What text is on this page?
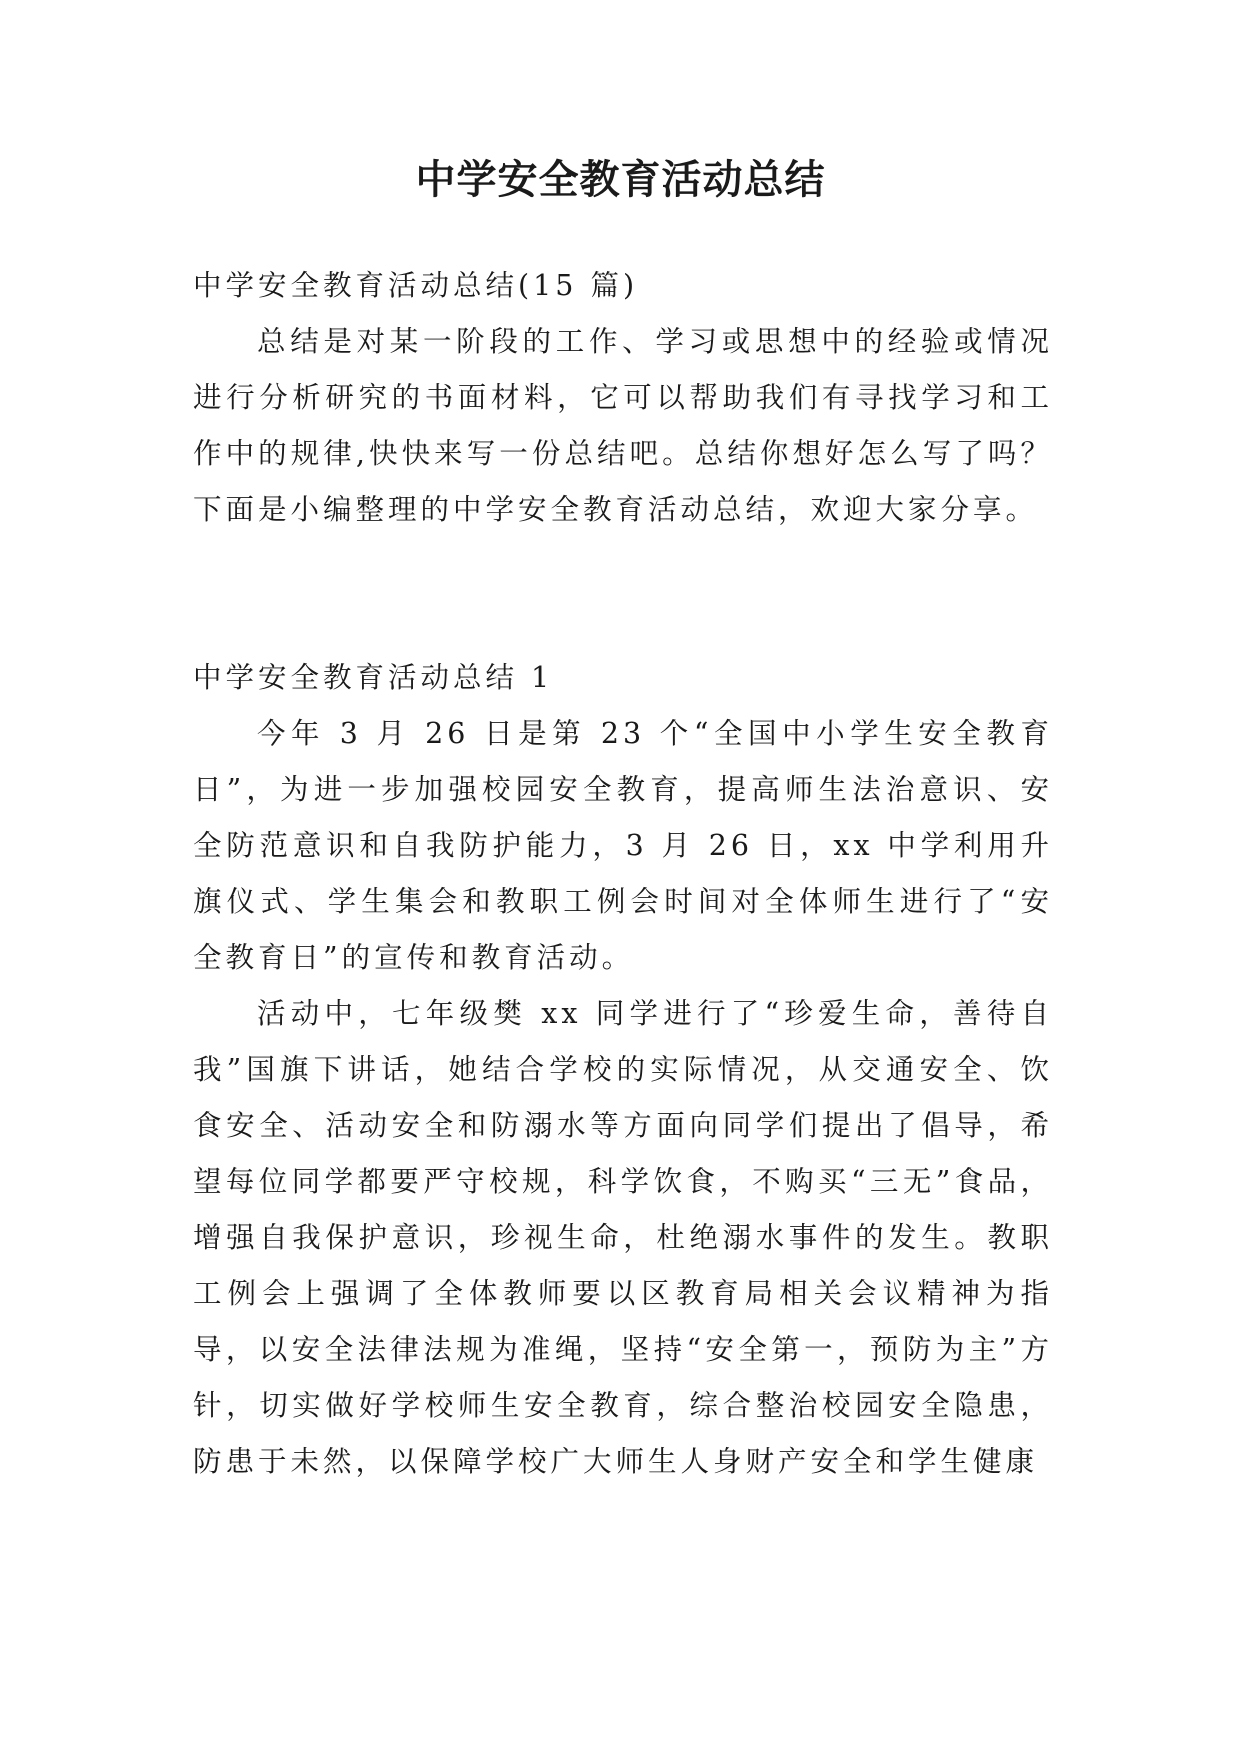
中学安全教育活动总结

中学安全教育活动总结(15 篇)

总结是对某一阶段的工作、学习或思想中的经验或情况进行分析研究的书面材料，它可以帮助我们有寻找学习和工作中的规律,快快来写一份总结吧。总结你想好怎么写了吗？下面是小编整理的中学安全教育活动总结，欢迎大家分享。

中学安全教育活动总结 1

今年 3 月 26 日是第 23 个“全国中小学生安全教育日”，为进一步加强校园安全教育，提高师生法治意识、安全防范意识和自我防护能力，3 月 26 日，xx 中学利用升旗仪式、学生集会和教职工例会时间对全体师生进行了“安全教育日”的宣传和教育活动。

活动中，七年级樊 xx 同学进行了“珍爱生命，善待自我”国旗下讲话，她结合学校的实际情况，从交通安全、饮食安全、活动安全和防溺水等方面向同学们提出了倡导，希望每位同学都要严守校规，科学饮食，不购买“三无”食品，增强自我保护意识，珍视生命，杜绝溺水事件的发生。教职工例会上强调了全体教师要以区教育局相关会议精神为指导，以安全法律法规为准绳，坚持“安全第一，预防为主”方针，切实做好学校师生安全教育，综合整治校园安全隐患，防患于未然，以保障学校广大师生人身财产安全和学生健康
